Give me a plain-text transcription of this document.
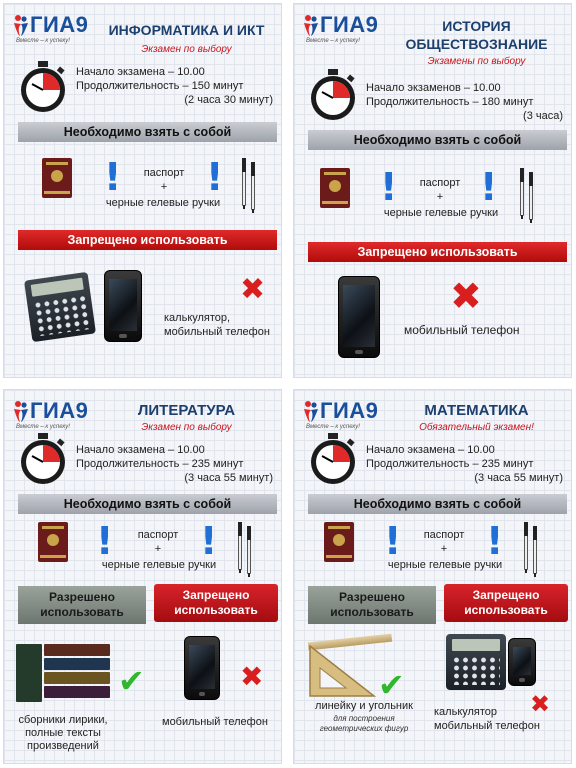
ГИА9
Вместе – к успеху!
ИНФОРМАТИКА И ИКТ
Экзамен по выбору
Начало экзамена – 10.00
Продолжительность – 150 минут
(2 часа 30 минут)
Необходимо взять с собой
!	паспорт
+
черные гелевые ручки
!
Запрещено использовать
✖
калькулятор,
мобильный телефон
ГИА9
Вместе – к успеху!
ИСТОРИЯ
ОБЩЕСТВОЗНАНИЕ
Экзамены по выбору
Начало экзаменов – 10.00
Продолжительность – 180 минут
(3 часа)
Необходимо взять с собой
!	паспорт
+
черные гелевые ручки
!
Запрещено использовать
✖
мобильный телефон
ГИА9
Вместе – к успеху!
ЛИТЕРАТУРА
Экзамен по выбору
Начало экзамена – 10.00
Продолжительность – 235 минут
(3 часа 55 минут)
Необходимо взять с собой
!	паспорт
+
черные гелевые ручки
!
Разрешено
использовать
Запрещено
использовать
✔	✖
сборники лирики,
полные тексты
произведений
мобильный телефон
ГИА9
Вместе – к успеху!
МАТЕМАТИКА
Обязательный экзамен!
Начало экзамена – 10.00
Продолжительность – 235 минут
(3 часа 55 минут)
Необходимо взять с собой
!	паспорт
+
черные гелевые ручки
!
Разрешено
использовать
Запрещено
использовать
✔	✖
линейку и угольник
для построения
геометрических фигур
калькулятор
мобильный телефон
